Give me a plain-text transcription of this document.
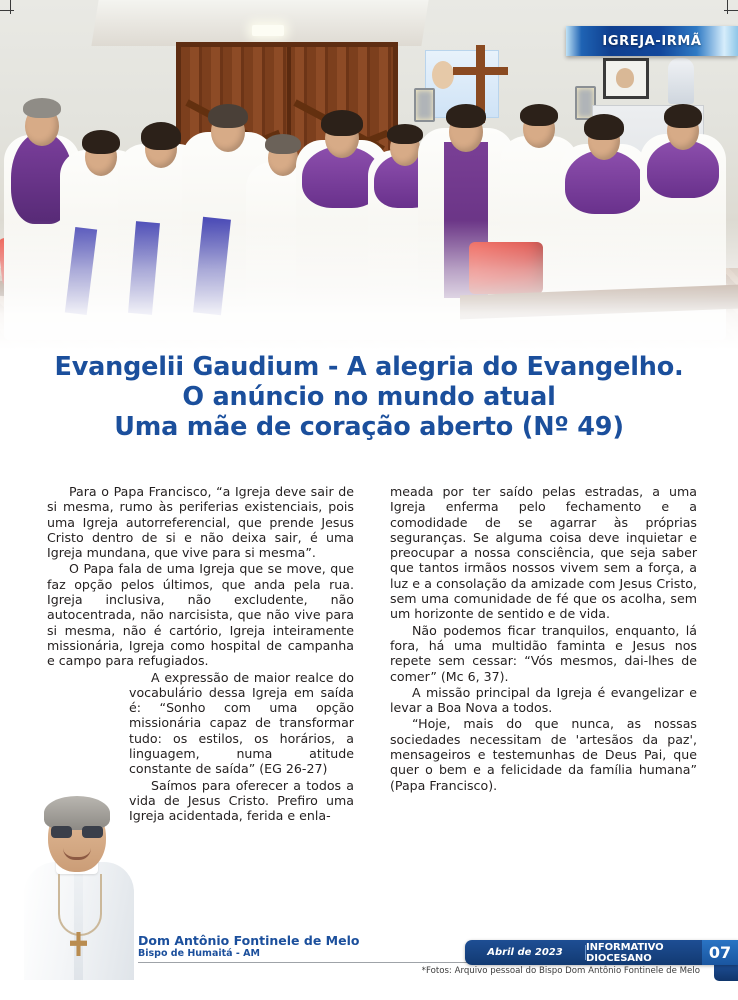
IGREJA-IRMÃ
Evangelii Gaudium - A alegria do Evangelho.
O anúncio no mundo atual
Uma mãe de coração aberto (Nº 49)

Para o Papa Francisco, “a Igreja deve sair de si mesma, rumo às periferias existenciais, pois uma Igreja autorreferencial, que prende Jesus Cristo dentro de si e não deixa sair, é uma Igreja mundana, que vive para si mesma”.

O Papa fala de uma Igreja que se move, que faz opção pelos últimos, que anda pela rua. Igreja inclusiva, não excludente, não autocentrada, não narcisista, que não vive para si mesma, não é cartório, Igreja inteiramente missionária, Igreja como hospital de campanha e campo para refugiados.

A expressão de maior realce do vocabulário dessa Igreja em saída é: “Sonho com uma opção missionária capaz de transformar tudo: os estilos, os horários, a linguagem, numa atitude constante de saída” (EG 26-27)

Saímos para oferecer a todos a vida de Jesus Cristo. Prefiro uma Igreja acidentada, ferida e enla-

meada por ter saído pelas estradas, a uma Igreja enferma pelo fechamento e a comodidade de se agarrar às próprias seguranças. Se alguma coisa deve inquietar e preocupar a nossa consciência, que seja saber que tantos irmãos nossos vivem sem a força, a luz e a consolação da amizade com Jesus Cristo, sem uma comunidade de fé que os acolha, sem um horizonte de sentido e de vida.

Não podemos ficar tranquilos, enquanto, lá fora, há uma multidão faminta e Jesus nos repete sem cessar: “Vós mesmos, dai-lhes de comer” (Mc 6, 37).

A missão principal da Igreja é evangelizar e levar a Boa Nova a todos.

“Hoje, mais do que nunca, as nossas sociedades necessitam de 'artesãos da paz', mensageiros e testemunhas de Deus Pai, que quer o bem e a felicidade da família humana” (Papa Francisco).

Dom Antônio Fontinele de Melo
Bispo de Humaitá - AM	Abril de 2023	INFORMATIVO DIOCESANO	07
*Fotos: Arquivo pessoal do Bispo Dom Antônio Fontinele de Melo
